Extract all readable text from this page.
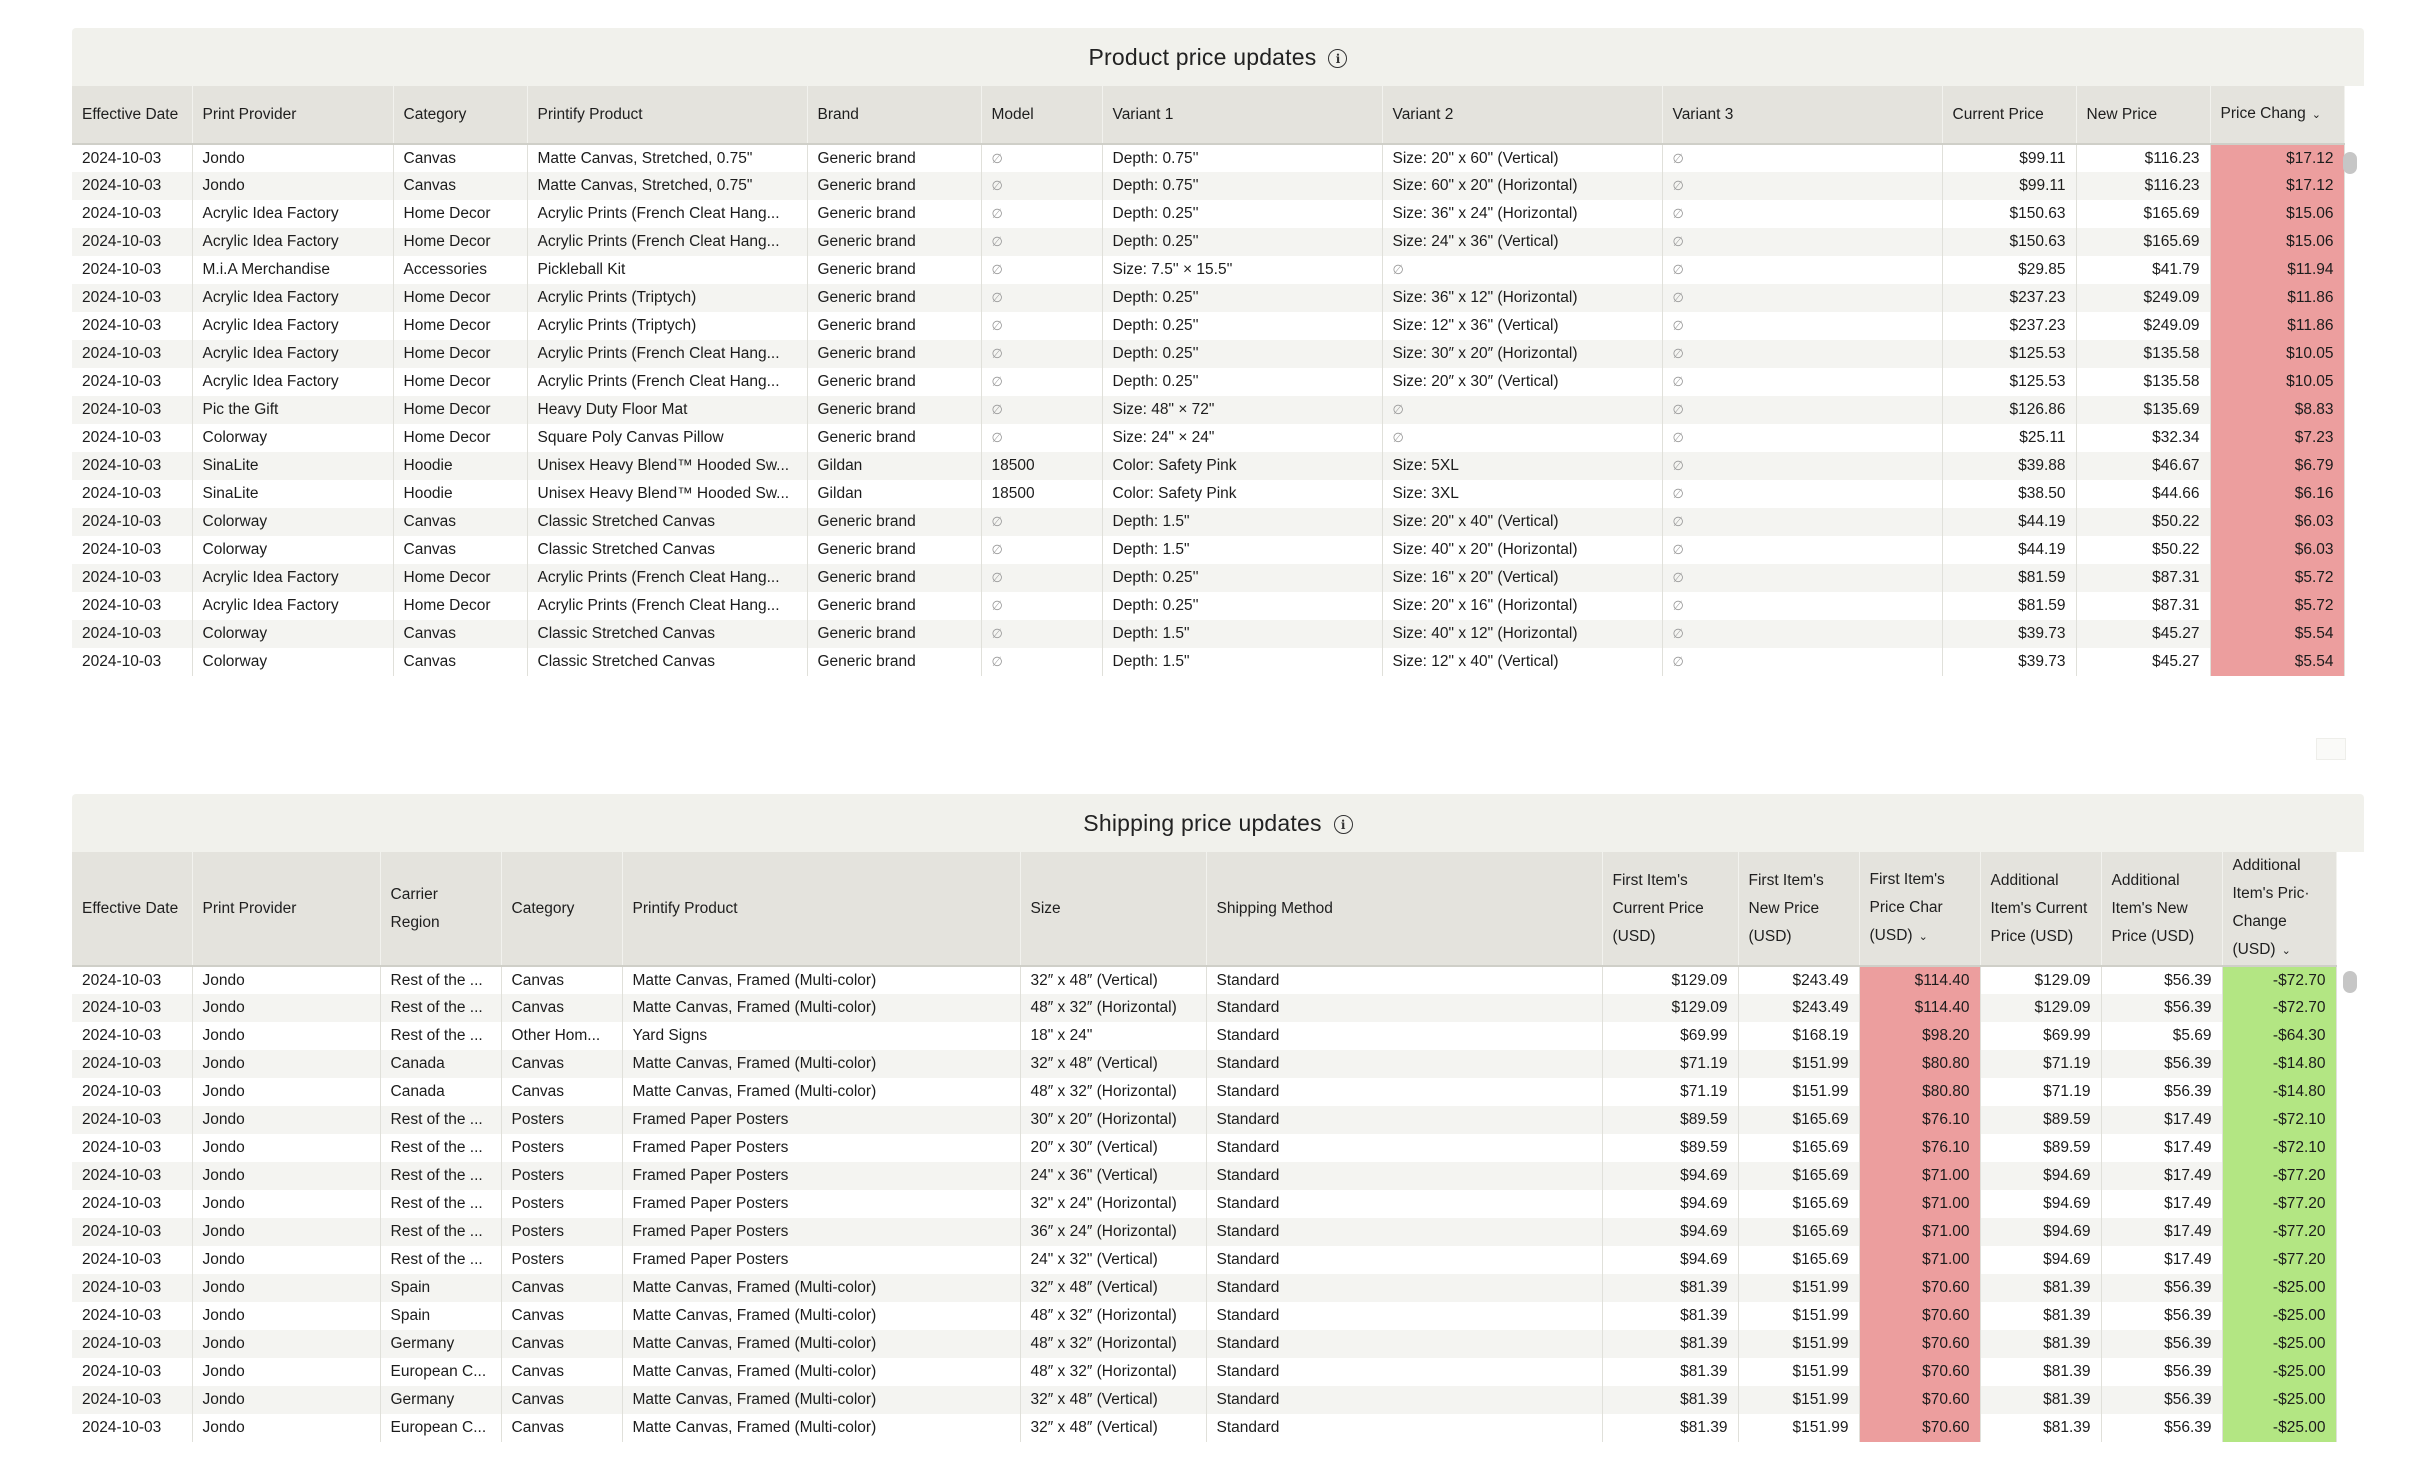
Product price updates	i
Effective Date	Print Provider	Category	Printify Product	Brand	Model	Variant 1	Variant 2	Variant 3	Current Price	New Price	Price Chang ⌄
2024-10-03	Jondo	Canvas	Matte Canvas, Stretched, 0.75"	Generic brand	∅	Depth: 0.75''	Size: 20" x 60" (Vertical)	∅	$99.11	$116.23	$17.12
2024-10-03	Jondo	Canvas	Matte Canvas, Stretched, 0.75"	Generic brand	∅	Depth: 0.75''	Size: 60" x 20" (Horizontal)	∅	$99.11	$116.23	$17.12
2024-10-03	Acrylic Idea Factory	Home Decor	Acrylic Prints (French Cleat Hang...	Generic brand	∅	Depth: 0.25''	Size: 36" x 24" (Horizontal)	∅	$150.63	$165.69	$15.06
2024-10-03	Acrylic Idea Factory	Home Decor	Acrylic Prints (French Cleat Hang...	Generic brand	∅	Depth: 0.25''	Size: 24" x 36" (Vertical)	∅	$150.63	$165.69	$15.06
2024-10-03	M.i.A Merchandise	Accessories	Pickleball Kit	Generic brand	∅	Size: 7.5'' × 15.5''	∅	∅	$29.85	$41.79	$11.94
2024-10-03	Acrylic Idea Factory	Home Decor	Acrylic Prints (Triptych)	Generic brand	∅	Depth: 0.25''	Size: 36" x 12" (Horizontal)	∅	$237.23	$249.09	$11.86
2024-10-03	Acrylic Idea Factory	Home Decor	Acrylic Prints (Triptych)	Generic brand	∅	Depth: 0.25''	Size: 12" x 36" (Vertical)	∅	$237.23	$249.09	$11.86
2024-10-03	Acrylic Idea Factory	Home Decor	Acrylic Prints (French Cleat Hang...	Generic brand	∅	Depth: 0.25''	Size: 30″ x 20″ (Horizontal)	∅	$125.53	$135.58	$10.05
2024-10-03	Acrylic Idea Factory	Home Decor	Acrylic Prints (French Cleat Hang...	Generic brand	∅	Depth: 0.25''	Size: 20″ x 30″ (Vertical)	∅	$125.53	$135.58	$10.05
2024-10-03	Pic the Gift	Home Decor	Heavy Duty Floor Mat	Generic brand	∅	Size: 48" × 72"	∅	∅	$126.86	$135.69	$8.83
2024-10-03	Colorway	Home Decor	Square Poly Canvas Pillow	Generic brand	∅	Size: 24" × 24"	∅	∅	$25.11	$32.34	$7.23
2024-10-03	SinaLite	Hoodie	Unisex Heavy Blend™ Hooded Sw...	Gildan	18500	Color: Safety Pink	Size: 5XL	∅	$39.88	$46.67	$6.79
2024-10-03	SinaLite	Hoodie	Unisex Heavy Blend™ Hooded Sw...	Gildan	18500	Color: Safety Pink	Size: 3XL	∅	$38.50	$44.66	$6.16
2024-10-03	Colorway	Canvas	Classic Stretched Canvas	Generic brand	∅	Depth: 1.5"	Size: 20" x 40" (Vertical)	∅	$44.19	$50.22	$6.03
2024-10-03	Colorway	Canvas	Classic Stretched Canvas	Generic brand	∅	Depth: 1.5"	Size: 40" x 20" (Horizontal)	∅	$44.19	$50.22	$6.03
2024-10-03	Acrylic Idea Factory	Home Decor	Acrylic Prints (French Cleat Hang...	Generic brand	∅	Depth: 0.25''	Size: 16" x 20" (Vertical)	∅	$81.59	$87.31	$5.72
2024-10-03	Acrylic Idea Factory	Home Decor	Acrylic Prints (French Cleat Hang...	Generic brand	∅	Depth: 0.25''	Size: 20" x 16" (Horizontal)	∅	$81.59	$87.31	$5.72
2024-10-03	Colorway	Canvas	Classic Stretched Canvas	Generic brand	∅	Depth: 1.5"	Size: 40" x 12" (Horizontal)	∅	$39.73	$45.27	$5.54
2024-10-03	Colorway	Canvas	Classic Stretched Canvas	Generic brand	∅	Depth: 1.5"	Size: 12" x 40" (Vertical)	∅	$39.73	$45.27	$5.54
Shipping price updates	i
Effective Date	Print Provider	Carrier Region	Category	Printify Product	Size	Shipping Method	First Item's Current Price (USD)	First Item's New Price (USD)	First Item's Price Char (USD) ⌄	Additional Item's Current Price (USD)	Additional Item's New Price (USD)	Additional Item's Pric· Change (USD) ⌄
2024-10-03	Jondo	Rest of the ...	Canvas	Matte Canvas, Framed (Multi-color)	32″ x 48″ (Vertical)	Standard	$129.09	$243.49	$114.40	$129.09	$56.39	-$72.70
2024-10-03	Jondo	Rest of the ...	Canvas	Matte Canvas, Framed (Multi-color)	48″ x 32″ (Horizontal)	Standard	$129.09	$243.49	$114.40	$129.09	$56.39	-$72.70
2024-10-03	Jondo	Rest of the ...	Other Hom...	Yard Signs	18" x 24"	Standard	$69.99	$168.19	$98.20	$69.99	$5.69	-$64.30
2024-10-03	Jondo	Canada	Canvas	Matte Canvas, Framed (Multi-color)	32″ x 48″ (Vertical)	Standard	$71.19	$151.99	$80.80	$71.19	$56.39	-$14.80
2024-10-03	Jondo	Canada	Canvas	Matte Canvas, Framed (Multi-color)	48″ x 32″ (Horizontal)	Standard	$71.19	$151.99	$80.80	$71.19	$56.39	-$14.80
2024-10-03	Jondo	Rest of the ...	Posters	Framed Paper Posters	30″ x 20″ (Horizontal)	Standard	$89.59	$165.69	$76.10	$89.59	$17.49	-$72.10
2024-10-03	Jondo	Rest of the ...	Posters	Framed Paper Posters	20″ x 30″ (Vertical)	Standard	$89.59	$165.69	$76.10	$89.59	$17.49	-$72.10
2024-10-03	Jondo	Rest of the ...	Posters	Framed Paper Posters	24" x 36" (Vertical)	Standard	$94.69	$165.69	$71.00	$94.69	$17.49	-$77.20
2024-10-03	Jondo	Rest of the ...	Posters	Framed Paper Posters	32" x 24" (Horizontal)	Standard	$94.69	$165.69	$71.00	$94.69	$17.49	-$77.20
2024-10-03	Jondo	Rest of the ...	Posters	Framed Paper Posters	36″ x 24″ (Horizontal)	Standard	$94.69	$165.69	$71.00	$94.69	$17.49	-$77.20
2024-10-03	Jondo	Rest of the ...	Posters	Framed Paper Posters	24" x 32" (Vertical)	Standard	$94.69	$165.69	$71.00	$94.69	$17.49	-$77.20
2024-10-03	Jondo	Spain	Canvas	Matte Canvas, Framed (Multi-color)	32″ x 48″ (Vertical)	Standard	$81.39	$151.99	$70.60	$81.39	$56.39	-$25.00
2024-10-03	Jondo	Spain	Canvas	Matte Canvas, Framed (Multi-color)	48″ x 32″ (Horizontal)	Standard	$81.39	$151.99	$70.60	$81.39	$56.39	-$25.00
2024-10-03	Jondo	Germany	Canvas	Matte Canvas, Framed (Multi-color)	48″ x 32″ (Horizontal)	Standard	$81.39	$151.99	$70.60	$81.39	$56.39	-$25.00
2024-10-03	Jondo	European C...	Canvas	Matte Canvas, Framed (Multi-color)	48″ x 32″ (Horizontal)	Standard	$81.39	$151.99	$70.60	$81.39	$56.39	-$25.00
2024-10-03	Jondo	Germany	Canvas	Matte Canvas, Framed (Multi-color)	32″ x 48″ (Vertical)	Standard	$81.39	$151.99	$70.60	$81.39	$56.39	-$25.00
2024-10-03	Jondo	European C...	Canvas	Matte Canvas, Framed (Multi-color)	32″ x 48″ (Vertical)	Standard	$81.39	$151.99	$70.60	$81.39	$56.39	-$25.00
